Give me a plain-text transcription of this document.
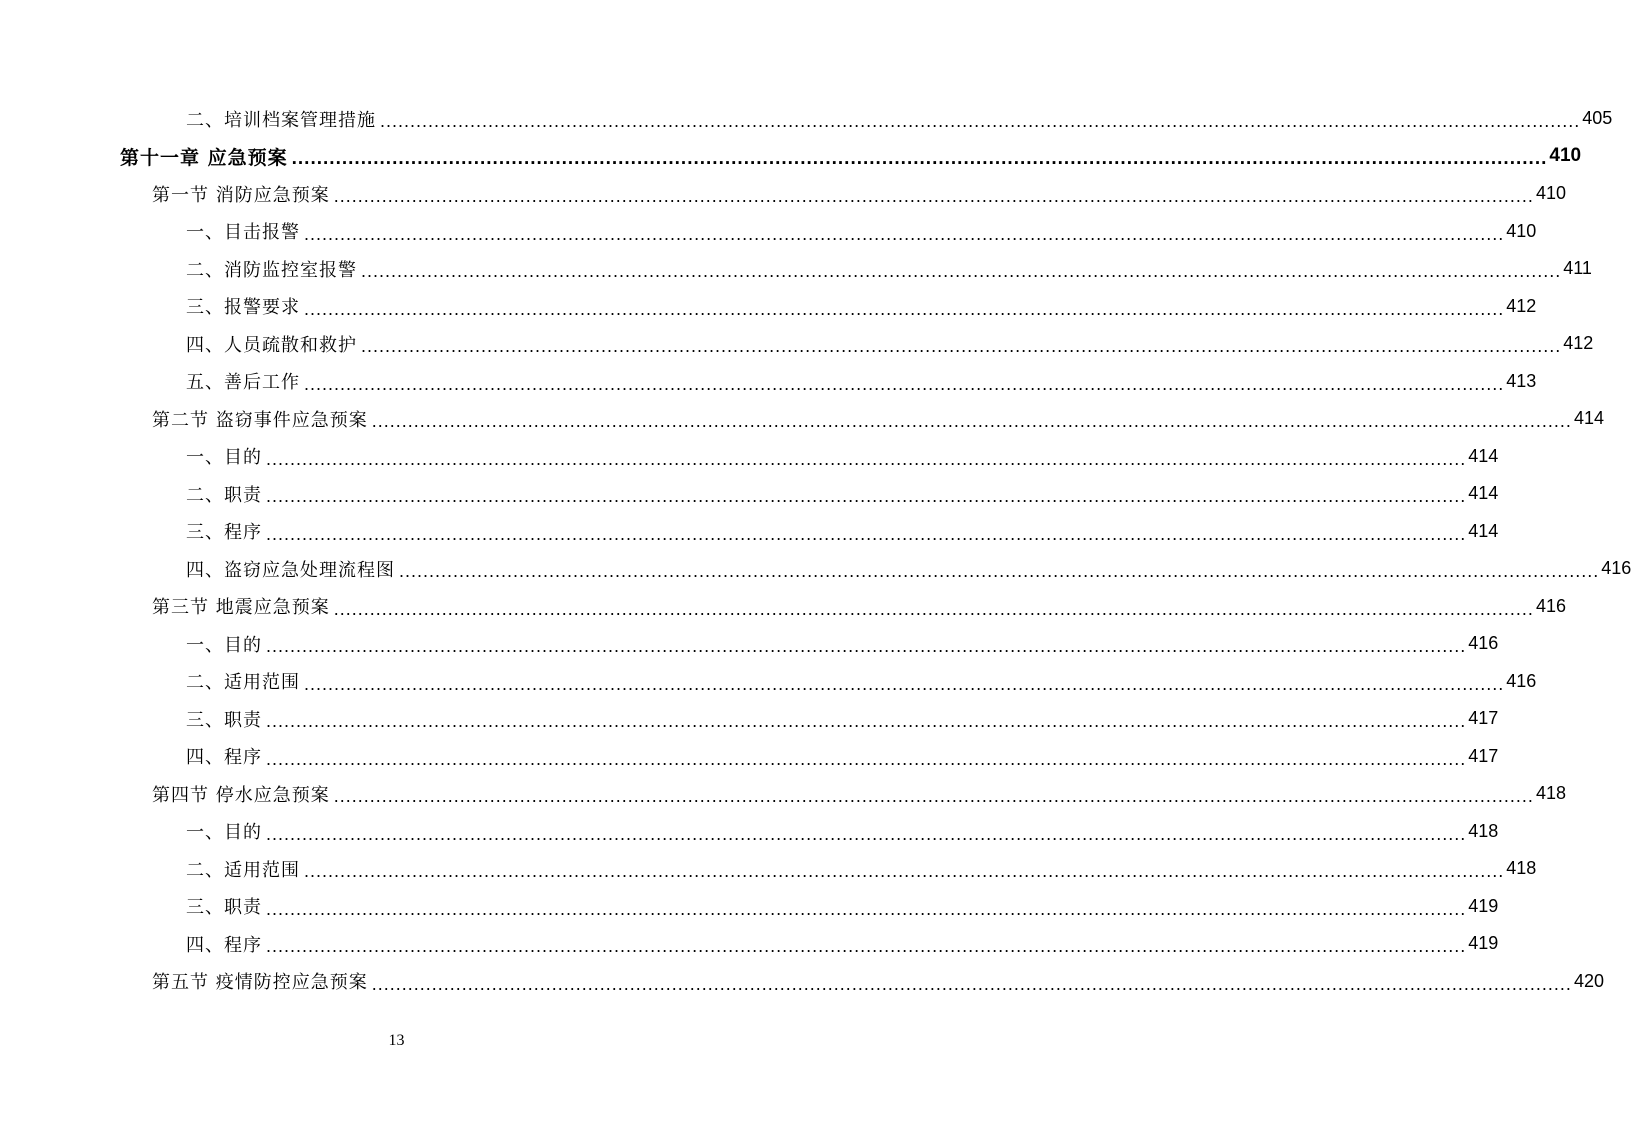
二、培训档案管理措施 ........................................................................................................................................................................................................ 405
第十一章 应急预案 ........................................................................................................................................................................................................ 410
第一节 消防应急预案 ........................................................................................................................................................................................................ 410
一、目击报警 ........................................................................................................................................................................................................ 410
二、消防监控室报警 ........................................................................................................................................................................................................ 411
三、报警要求 ........................................................................................................................................................................................................ 412
四、人员疏散和救护 ........................................................................................................................................................................................................ 412
五、善后工作 ........................................................................................................................................................................................................ 413
第二节 盗窃事件应急预案 ........................................................................................................................................................................................................ 414
一、目的 ........................................................................................................................................................................................................ 414
二、职责 ........................................................................................................................................................................................................ 414
三、程序 ........................................................................................................................................................................................................ 414
四、盗窃应急处理流程图 ........................................................................................................................................................................................................ 416
第三节 地震应急预案 ........................................................................................................................................................................................................ 416
一、目的 ........................................................................................................................................................................................................ 416
二、适用范围 ........................................................................................................................................................................................................ 416
三、职责 ........................................................................................................................................................................................................ 417
四、程序 ........................................................................................................................................................................................................ 417
第四节 停水应急预案 ........................................................................................................................................................................................................ 418
一、目的 ........................................................................................................................................................................................................ 418
二、适用范围 ........................................................................................................................................................................................................ 418
三、职责 ........................................................................................................................................................................................................ 419
四、程序 ........................................................................................................................................................................................................ 419
第五节 疫情防控应急预案 ........................................................................................................................................................................................................ 420
13
